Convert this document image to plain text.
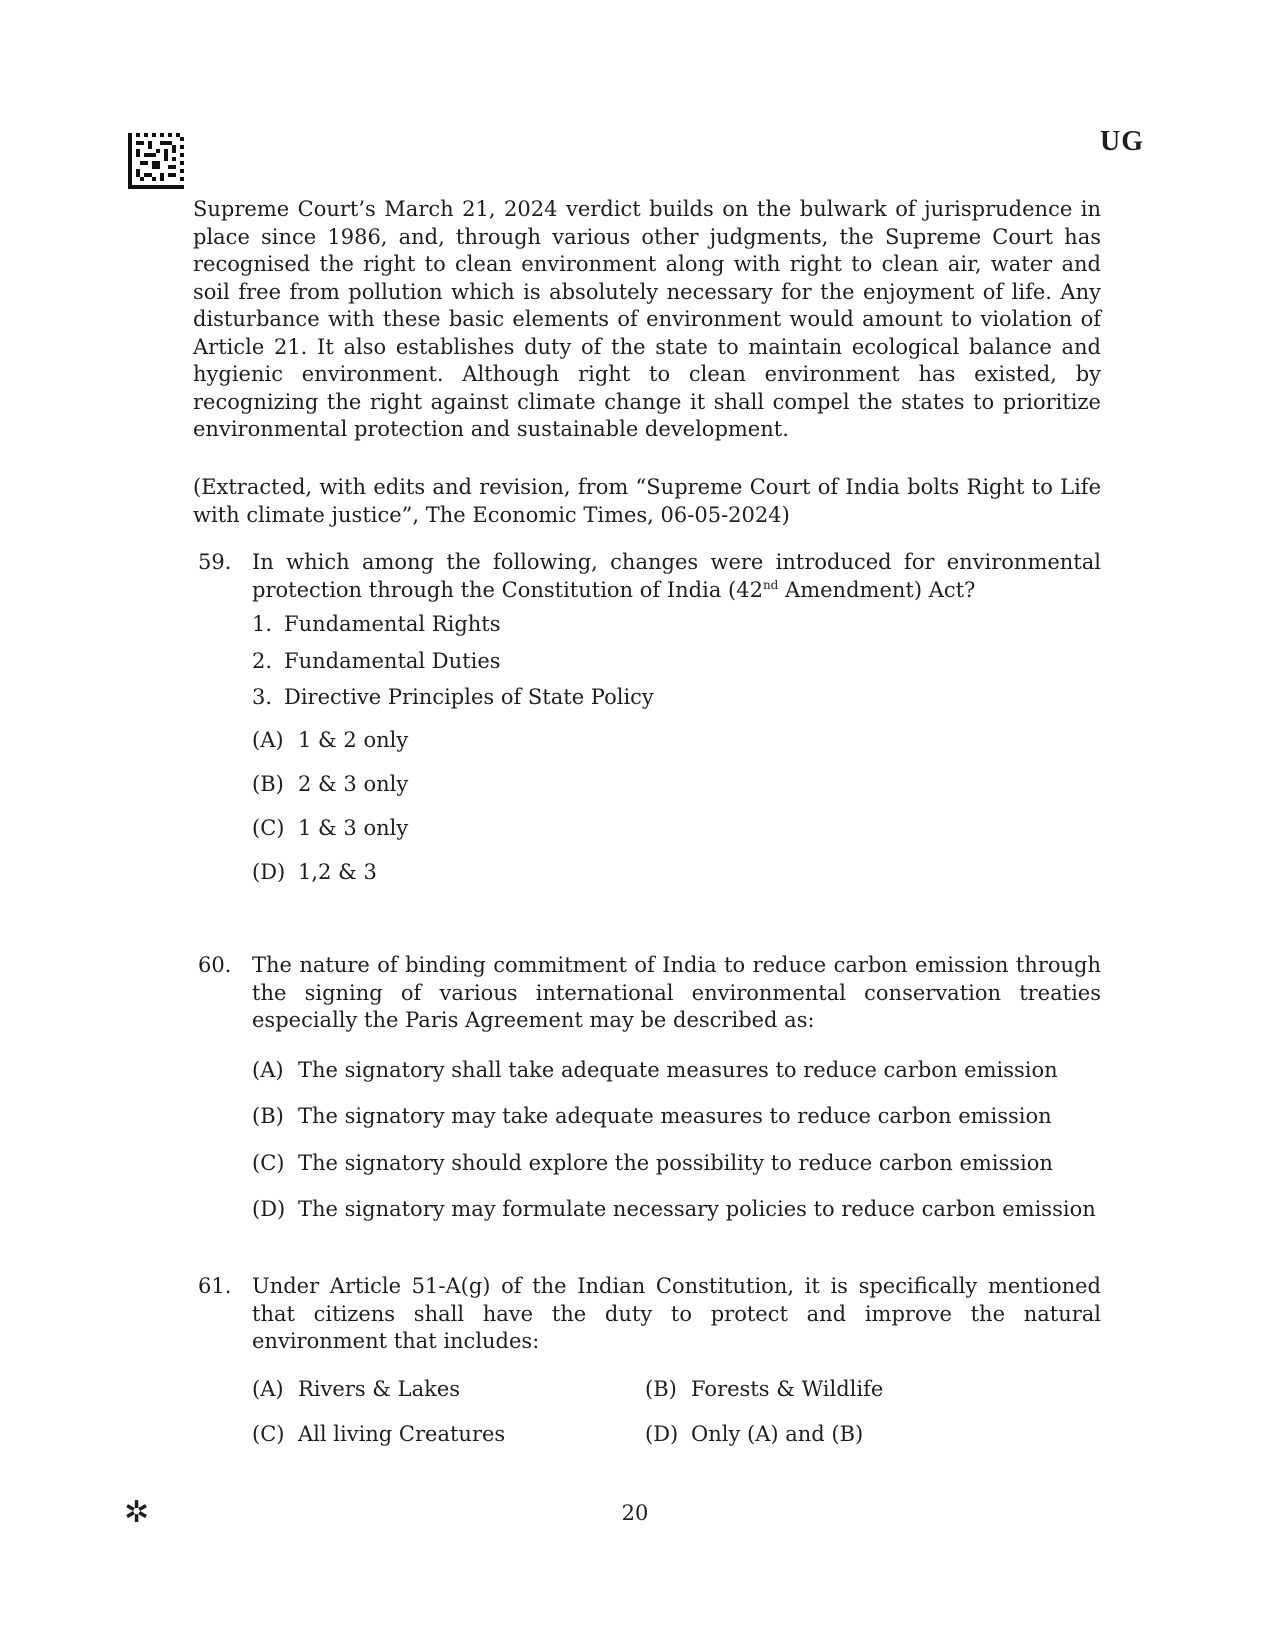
UG

Supreme Court’s March 21, 2024 verdict builds on the bulwark of jurisprudence in place since 1986, and, through various other judgments, the Supreme Court has recognised the right to clean environment along with right to clean air, water and soil free from pollution which is absolutely necessary for the enjoyment of life. Any disturbance with these basic elements of environment would amount to violation of Article 21. It also establishes duty of the state to maintain ecological balance and hygienic environment. Although right to clean environment has existed, by recognizing the right against climate change it shall compel the states to prioritize environmental protection and sustainable development.

(Extracted, with edits and revision, from “Supreme Court of India bolts Right to Life with climate justice”, The Economic Times, 06-05-2024)

59. In which among the following, changes were introduced for environmental protection through the Constitution of India (42nd Amendment) Act?

1. Fundamental Rights
2. Fundamental Duties
3. Directive Principles of State Policy
(A) 1 & 2 only
(B) 2 & 3 only
(C) 1 & 3 only
(D) 1,2 & 3
60. The nature of binding commitment of India to reduce carbon emission through the signing of various international environmental conservation treaties especially the Paris Agreement may be described as:

(A) The signatory shall take adequate measures to reduce carbon emission
(B) The signatory may take adequate measures to reduce carbon emission
(C) The signatory should explore the possibility to reduce carbon emission
(D) The signatory may formulate necessary policies to reduce carbon emission
61. Under Article 51-A(g) of the Indian Constitution, it is specifically mentioned that citizens shall have the duty to protect and improve the natural environment that includes:

(A) Rivers & Lakes	(B) Forests & Wildlife
(C) All living Creatures	(D) Only (A) and (B)
✲	20
